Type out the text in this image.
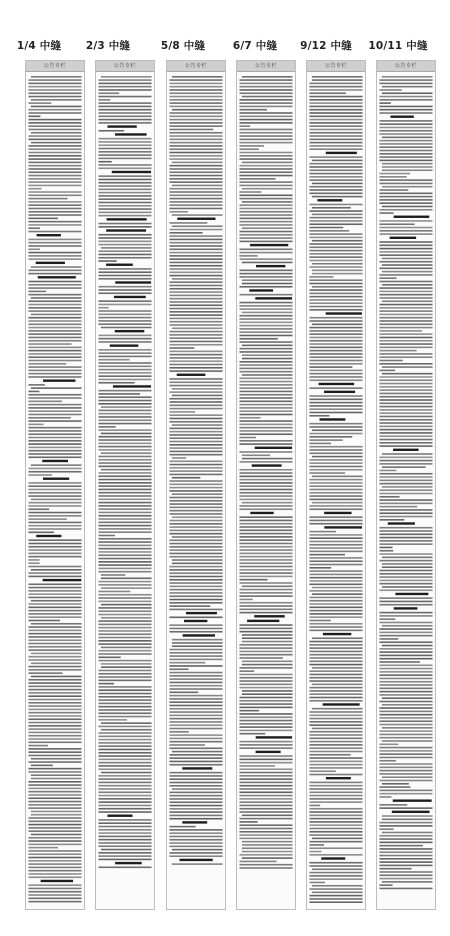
1/4 中缝	2/3 中缝	5/8 中缝	6/7 中缝	9/12 中缝	10/11 中缝
公告专栏	公告专栏	公告专栏	公告专栏	公告专栏	公告专栏
